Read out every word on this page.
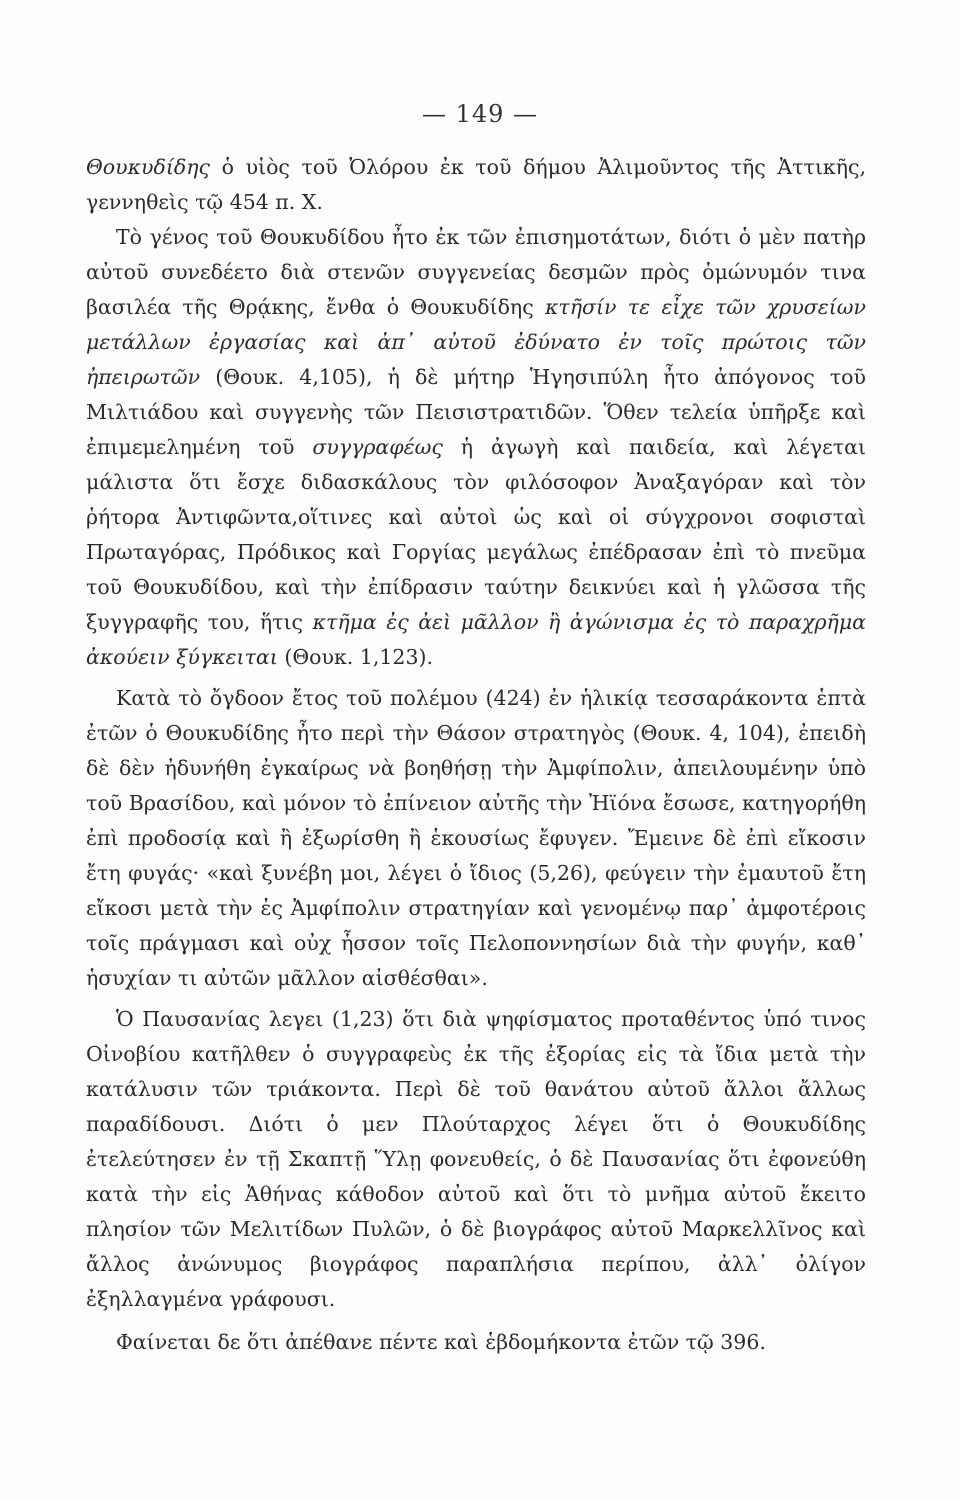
— 149 —

Θουκυδίδης ὁ υἱὸς τοῦ Ὀλόρου ἐκ τοῦ δήμου Ἀλιμοῦντος τῆς Ἀττικῆς, γεννηθεὶς τῷ 454 π. Χ.

Τὸ γένος τοῦ Θουκυδίδου ἦτο ἐκ τῶν ἐπισημοτάτων, διότι ὁ μὲν πατὴρ αὐτοῦ συνεδέετο διὰ στενῶν συγγενείας δεσμῶν πρὸς ὁμώνυμόν τινα βασιλέα τῆς Θρᾴκης, ἔνθα ὁ Θουκυδίδης κτῆσίν τε εἶχε τῶν χρυσείων μετάλλων ἐργασίας καὶ ἀπ᾽ αὐτοῦ ἐδύνατο ἐν τοῖς πρώτοις τῶν ἠπειρωτῶν (Θουκ. 4,105), ἡ δὲ μήτηρ Ἡγησιπύλη ἦτο ἀπόγονος τοῦ Μιλτιάδου καὶ συγγενὴς τῶν Πεισιστρατιδῶν. Ὅθεν τελεία ὑπῆρξε καὶ ἐπιμεμελημένη τοῦ συγγραφέως ἡ ἀγωγὴ καὶ παιδεία, καὶ λέγεται μάλιστα ὅτι ἔσχε διδασκάλους τὸν φιλόσοφον Ἀναξαγόραν καὶ τὸν ῥήτορα Ἀντιφῶντα,οἵτινες καὶ αὐτοὶ ὡς καὶ οἱ σύγχρονοι σοφισταὶ Πρωταγόρας, Πρόδικος καὶ Γοργίας μεγάλως ἐπέδρασαν ἐπὶ τὸ πνεῦμα τοῦ Θουκυδίδου, καὶ τὴν ἐπίδρασιν ταύτην δεικνύει καὶ ἡ γλῶσσα τῆς ξυγγραφῆς του, ἥτις κτῆμα ἐς ἀεὶ μᾶλλον ἢ ἀγώνισμα ἐς τὸ παραχρῆμα ἀκούειν ξύγκειται (Θουκ. 1,123).

Κατὰ τὸ ὄγδοον ἔτος τοῦ πολέμου (424) ἐν ἡλικίᾳ τεσσαράκοντα ἑπτὰ ἐτῶν ὁ Θουκυδίδης ἦτο περὶ τὴν Θάσον στρατηγὸς (Θουκ. 4, 104), ἐπειδὴ δὲ δὲν ἠδυνήθη ἐγκαίρως νὰ βοηθήσῃ τὴν Ἀμφίπολιν, ἀπειλουμένην ὑπὸ τοῦ Βρασίδου, καὶ μόνον τὸ ἐπίνειον αὐτῆς τὴν Ἠϊόνα ἔσωσε, κατηγορήθη ἐπὶ προδοσίᾳ καὶ ἢ ἐξωρίσθη ἢ ἑκουσίως ἔφυγεν. Ἔμεινε δὲ ἐπὶ εἴκοσιν ἔτη φυγάς· «καὶ ξυνέβη μοι, λέγει ὁ ἴδιος (5,26), φεύγειν τὴν ἐμαυτοῦ ἔτη εἴκοσι μετὰ τὴν ἐς Ἀμφίπολιν στρατηγίαν καὶ γενομένῳ παρ᾽ ἀμφοτέροις τοῖς πράγμασι καὶ οὐχ ἧσσον τοῖς Πελοποννησίων διὰ τὴν φυγήν, καθ᾽ ἡσυχίαν τι αὐτῶν μᾶλλον αἰσθέσθαι».

Ὁ Παυσανίας λεγει (1,23) ὅτι διὰ ψηφίσματος προταθέντος ὑπό τινος Οἰνοβίου κατῆλθεν ὁ συγγραφεὺς ἐκ τῆς ἐξορίας εἰς τὰ ἴδια μετὰ τὴν κατάλυσιν τῶν τριάκοντα. Περὶ δὲ τοῦ θανάτου αὐτοῦ ἄλλοι ἄλλως παραδίδουσι. Διότι ὁ μεν Πλούταρχος λέγει ὅτι ὁ Θουκυδίδης ἐτελεύτησεν ἐν τῇ Σκαπτῇ Ὕλῃ φονευθείς, ὁ δὲ Παυσανίας ὅτι ἐφονεύθη κατὰ τὴν εἰς Ἀθήνας κάθοδον αὐτοῦ καὶ ὅτι τὸ μνῆμα αὐτοῦ ἔκειτο πλησίον τῶν Μελιτίδων Πυλῶν, ὁ δὲ βιογράφος αὐτοῦ Μαρκελλῖνος καὶ ἄλλος ἀνώνυμος βιογράφος παραπλήσια περίπου, ἀλλ᾽ ὀλίγον ἐξηλλαγμένα γράφουσι.

Φαίνεται δε ὅτι ἀπέθανε πέντε καὶ ἑβδομήκοντα ἐτῶν τῷ 396.
